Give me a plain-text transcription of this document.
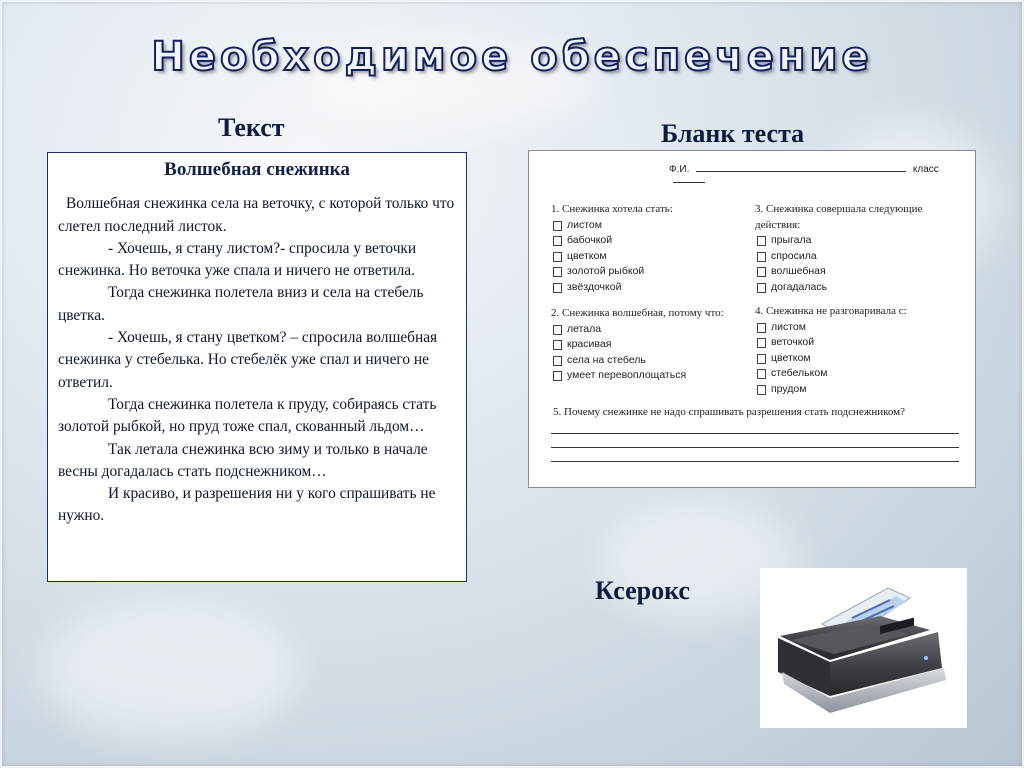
Необходимое обеспечение
Текст	Бланк теста
Ксерокс
Волшебная снежинка

Волшебная снежинка села на веточку, с которой только что слетел последний листок.

- Хочешь, я стану листом?- спросила у веточки снежинка. Но веточка уже спала и ничего не ответила.

Тогда снежинка полетела вниз и села на стебель цветка.

- Хочешь, я стану цветком? – спросила волшебная снежинка у стебелька. Но стебелёк уже спал и ничего не ответил.

Тогда снежинка полетела к пруду, собираясь стать золотой рыбкой, но пруд тоже спал, скованный льдом…

Так летала снежинка всю зиму и только в начале весны догадалась стать подснежником…

И красиво, и разрешения ни у кого спрашивать не нужно.

Ф.И.	класс
1. Снежинка хотела стать:
листом
бабочкой
цветком
золотой рыбкой
звёздочкой
2. Снежинка волшебная, потому что:
летала
красивая
села на стебель
умеет перевоплощаться
3. Снежинка совершала следующие действия:
прыгала
спросила
волшебная
догадалась
4. Снежинка не разговаривала с:
листом
веточкой
цветком
стебельком
прудом
5. Почему снежинке не надо спрашивать разрешения стать подснежником?
